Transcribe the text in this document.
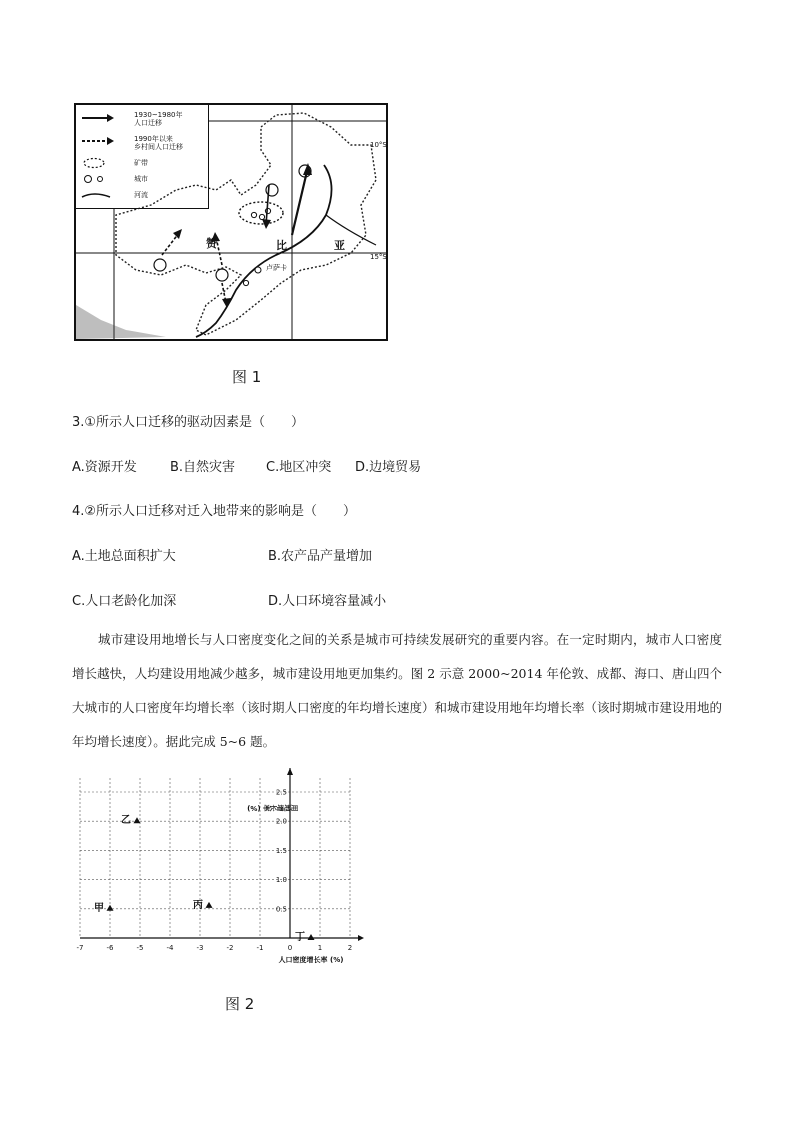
1930~1980年
人口迁移
1990年以来
乡村间人口迁移
矿带
城市
河流
赞	比	亚
卢萨卡
10°S
15°S
图 1
3.①所示人口迁移的驱动因素是（　　）
A.资源开发	B.自然灾害 C.地区冲突 D.边境贸易
4.②所示人口迁移对迁入地带来的影响是（　　）
A.土地总面积扩大	B.农产品产量增加
C.人口老龄化加深	D.人口环境容量减小

城市建设用地增长与人口密度变化之间的关系是城市可持续发展研究的重要内容。在一定时期内，城市人口密度增长越快，人均建设用地减少越多，城市建设用地更加集约。图 2 示意 2000~2014 年伦敦、成都、海口、唐山四个大城市的人口密度年均增长率（该时期人口密度的年均增长速度）和城市建设用地年均增长率（该时期城市建设用地的年均增长速度）。据此完成 5~6 题。

-7	-6	-5	-4	-3	-2	-1	0	1	2
0.5
1.0
1.5
2.0
2.5
人口密度增长率 (%)
用地增长率 (%)
甲
乙
丙
丁
图 2
